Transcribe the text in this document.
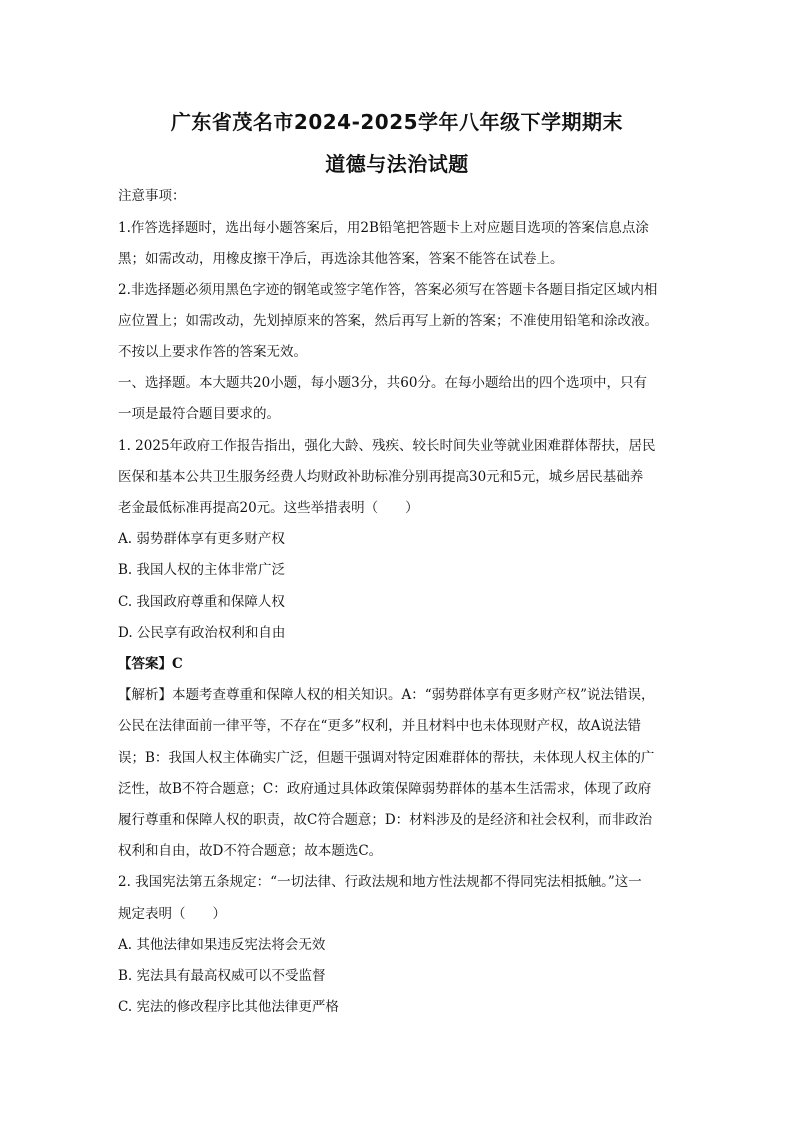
广东省茂名市2024-2025学年八年级下学期期末
道德与法治试题
注意事项：
1.作答选择题时，选出每小题答案后，用2B铅笔把答题卡上对应题目选项的答案信息点涂
黑；如需改动，用橡皮擦干净后，再选涂其他答案，答案不能答在试卷上。
2.非选择题必须用黑色字迹的钢笔或签字笔作答，答案必须写在答题卡各题目指定区域内相
应位置上；如需改动，先划掉原来的答案，然后再写上新的答案；不准使用铅笔和涂改液。
不按以上要求作答的答案无效。
一、选择题。本大题共20小题，每小题3分，共60分。在每小题给出的四个选项中，只有
一项是最符合题目要求的。
1. 2025年政府工作报告指出，强化大龄、残疾、较长时间失业等就业困难群体帮扶，居民
医保和基本公共卫生服务经费人均财政补助标准分别再提高30元和5元，城乡居民基础养
老金最低标准再提高20元。这些举措表明（　　）
A. 弱势群体享有更多财产权
B. 我国人权的主体非常广泛
C. 我国政府尊重和保障人权
D. 公民享有政治权利和自由
【答案】C
【解析】本题考查尊重和保障人权的相关知识。A：“弱势群体享有更多财产权”说法错误，
公民在法律面前一律平等，不存在“更多”权利，并且材料中也未体现财产权，故A说法错
误；B：我国人权主体确实广泛，但题干强调对特定困难群体的帮扶，未体现人权主体的广
泛性，故B不符合题意；C：政府通过具体政策保障弱势群体的基本生活需求，体现了政府
履行尊重和保障人权的职责，故C符合题意；D：材料涉及的是经济和社会权利，而非政治
权利和自由，故D不符合题意；故本题选C。
2. 我国宪法第五条规定：“一切法律、行政法规和地方性法规都不得同宪法相抵触。”这一
规定表明（　　）
A. 其他法律如果违反宪法将会无效
B. 宪法具有最高权威可以不受监督
C. 宪法的修改程序比其他法律更严格
